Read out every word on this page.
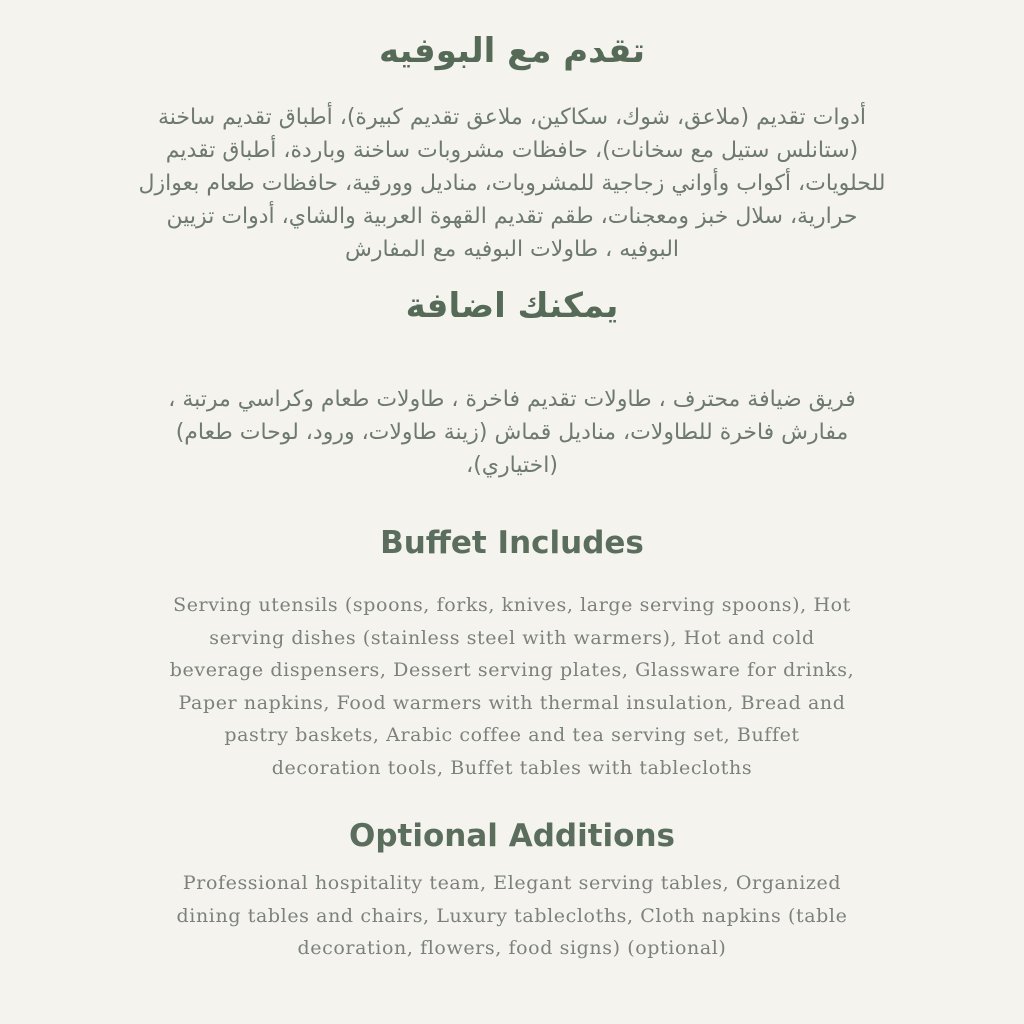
تقدم مع البوفيه

أدوات تقديم (ملاعق، شوك، سكاكين، ملاعق تقديم كبيرة)، أطباق تقديم ساخنة
(ستانلس ستيل مع سخانات)، حافظات مشروبات ساخنة وباردة، أطباق تقديم
للحلويات، أكواب وأواني زجاجية للمشروبات، مناديل وورقية، حافظات طعام بعوازل
حرارية، سلال خبز ومعجنات، طقم تقديم القهوة العربية والشاي، أدوات تزيين
البوفيه ، طاولات البوفيه مع المفارش

يمكنك اضافة

فريق ضيافة محترف ، طاولات تقديم فاخرة ، طاولات طعام وكراسي مرتبة ،
مفارش فاخرة للطاولات، مناديل قماش (زينة طاولات، ورود، لوحات طعام)
(اختياري)،

Buffet Includes

Serving utensils (spoons, forks, knives, large serving spoons), Hot
serving dishes (stainless steel with warmers), Hot and cold
beverage dispensers, Dessert serving plates, Glassware for drinks,
Paper napkins, Food warmers with thermal insulation, Bread and
pastry baskets, Arabic coffee and tea serving set, Buffet
decoration tools, Buffet tables with tablecloths

Optional Additions

Professional hospitality team, Elegant serving tables, Organized
dining tables and chairs, Luxury tablecloths, Cloth napkins (table
decoration, flowers, food signs) (optional)
